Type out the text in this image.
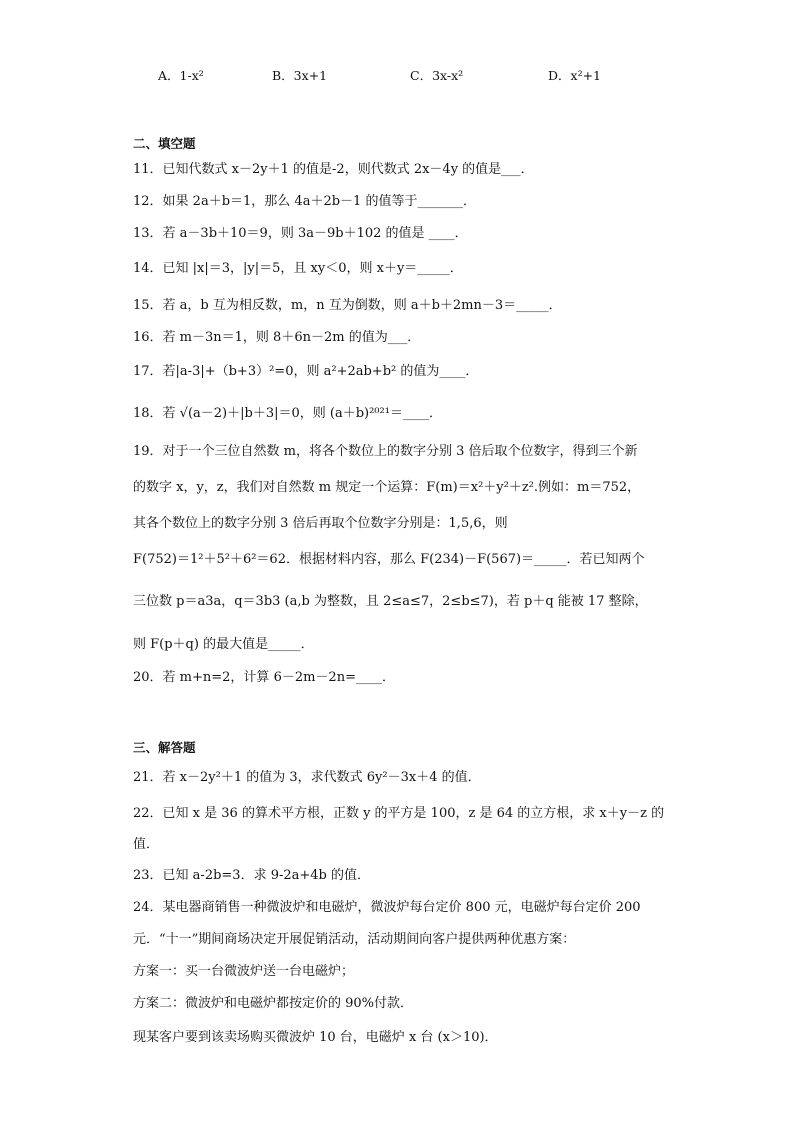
A．1-x²	B．3x+1	C．3x-x²	D．x²+1
二、填空题
11．已知代数式 x－2y＋1 的值是-2，则代数式 2x－4y 的值是___．
12．如果 2a＋b＝1，那么 4a＋2b－1 的值等于_______．
13．若 a－3b＋10＝9，则 3a－9b＋102 的值是 ____．
14．已知 |x|＝3，|y|＝5，且 xy＜0，则 x＋y＝_____．
15．若 a，b 互为相反数，m，n 互为倒数，则 a＋b＋2mn－3＝_____．
16．若 m－3n＝1，则 8＋6n－2m 的值为___．
17．若|a-3|+（b+3）²=0，则 a²+2ab+b² 的值为____．
18．若 √(a－2)＋|b＋3|＝0，则 (a＋b)²⁰²¹＝____．
19．对于一个三位自然数 m，将各个数位上的数字分别 3 倍后取个位数字，得到三个新
的数字 x，y，z，我们对自然数 m 规定一个运算：F(m)＝x²＋y²＋z².例如：m＝752，
其各个数位上的数字分别 3 倍后再取个位数字分别是：1,5,6，则
F(752)＝1²＋5²＋6²＝62．根据材料内容，那么 F(234)－F(567)＝_____．若已知两个
三位数 p＝a3a，q＝3b3 (a,b 为整数，且 2≤a≤7，2≤b≤7)，若 p＋q 能被 17 整除，
则 F(p＋q) 的最大值是_____．
20．若 m+n=2，计算 6－2m－2n=____．
三、解答题
21．若 x－2y²＋1 的值为 3，求代数式 6y²－3x＋4 的值．
22．已知 x 是 36 的算术平方根，正数 y 的平方是 100，z 是 64 的立方根，求 x＋y－z 的
值．
23．已知 a-2b=3．求 9-2a+4b 的值．
24．某电器商销售一种微波炉和电磁炉，微波炉每台定价 800 元，电磁炉每台定价 200
元．“十一”期间商场决定开展促销活动，活动期间向客户提供两种优惠方案：
方案一：买一台微波炉送一台电磁炉；
方案二：微波炉和电磁炉都按定价的 90%付款．
现某客户要到该卖场购买微波炉 10 台，电磁炉 x 台 (x＞10)．
